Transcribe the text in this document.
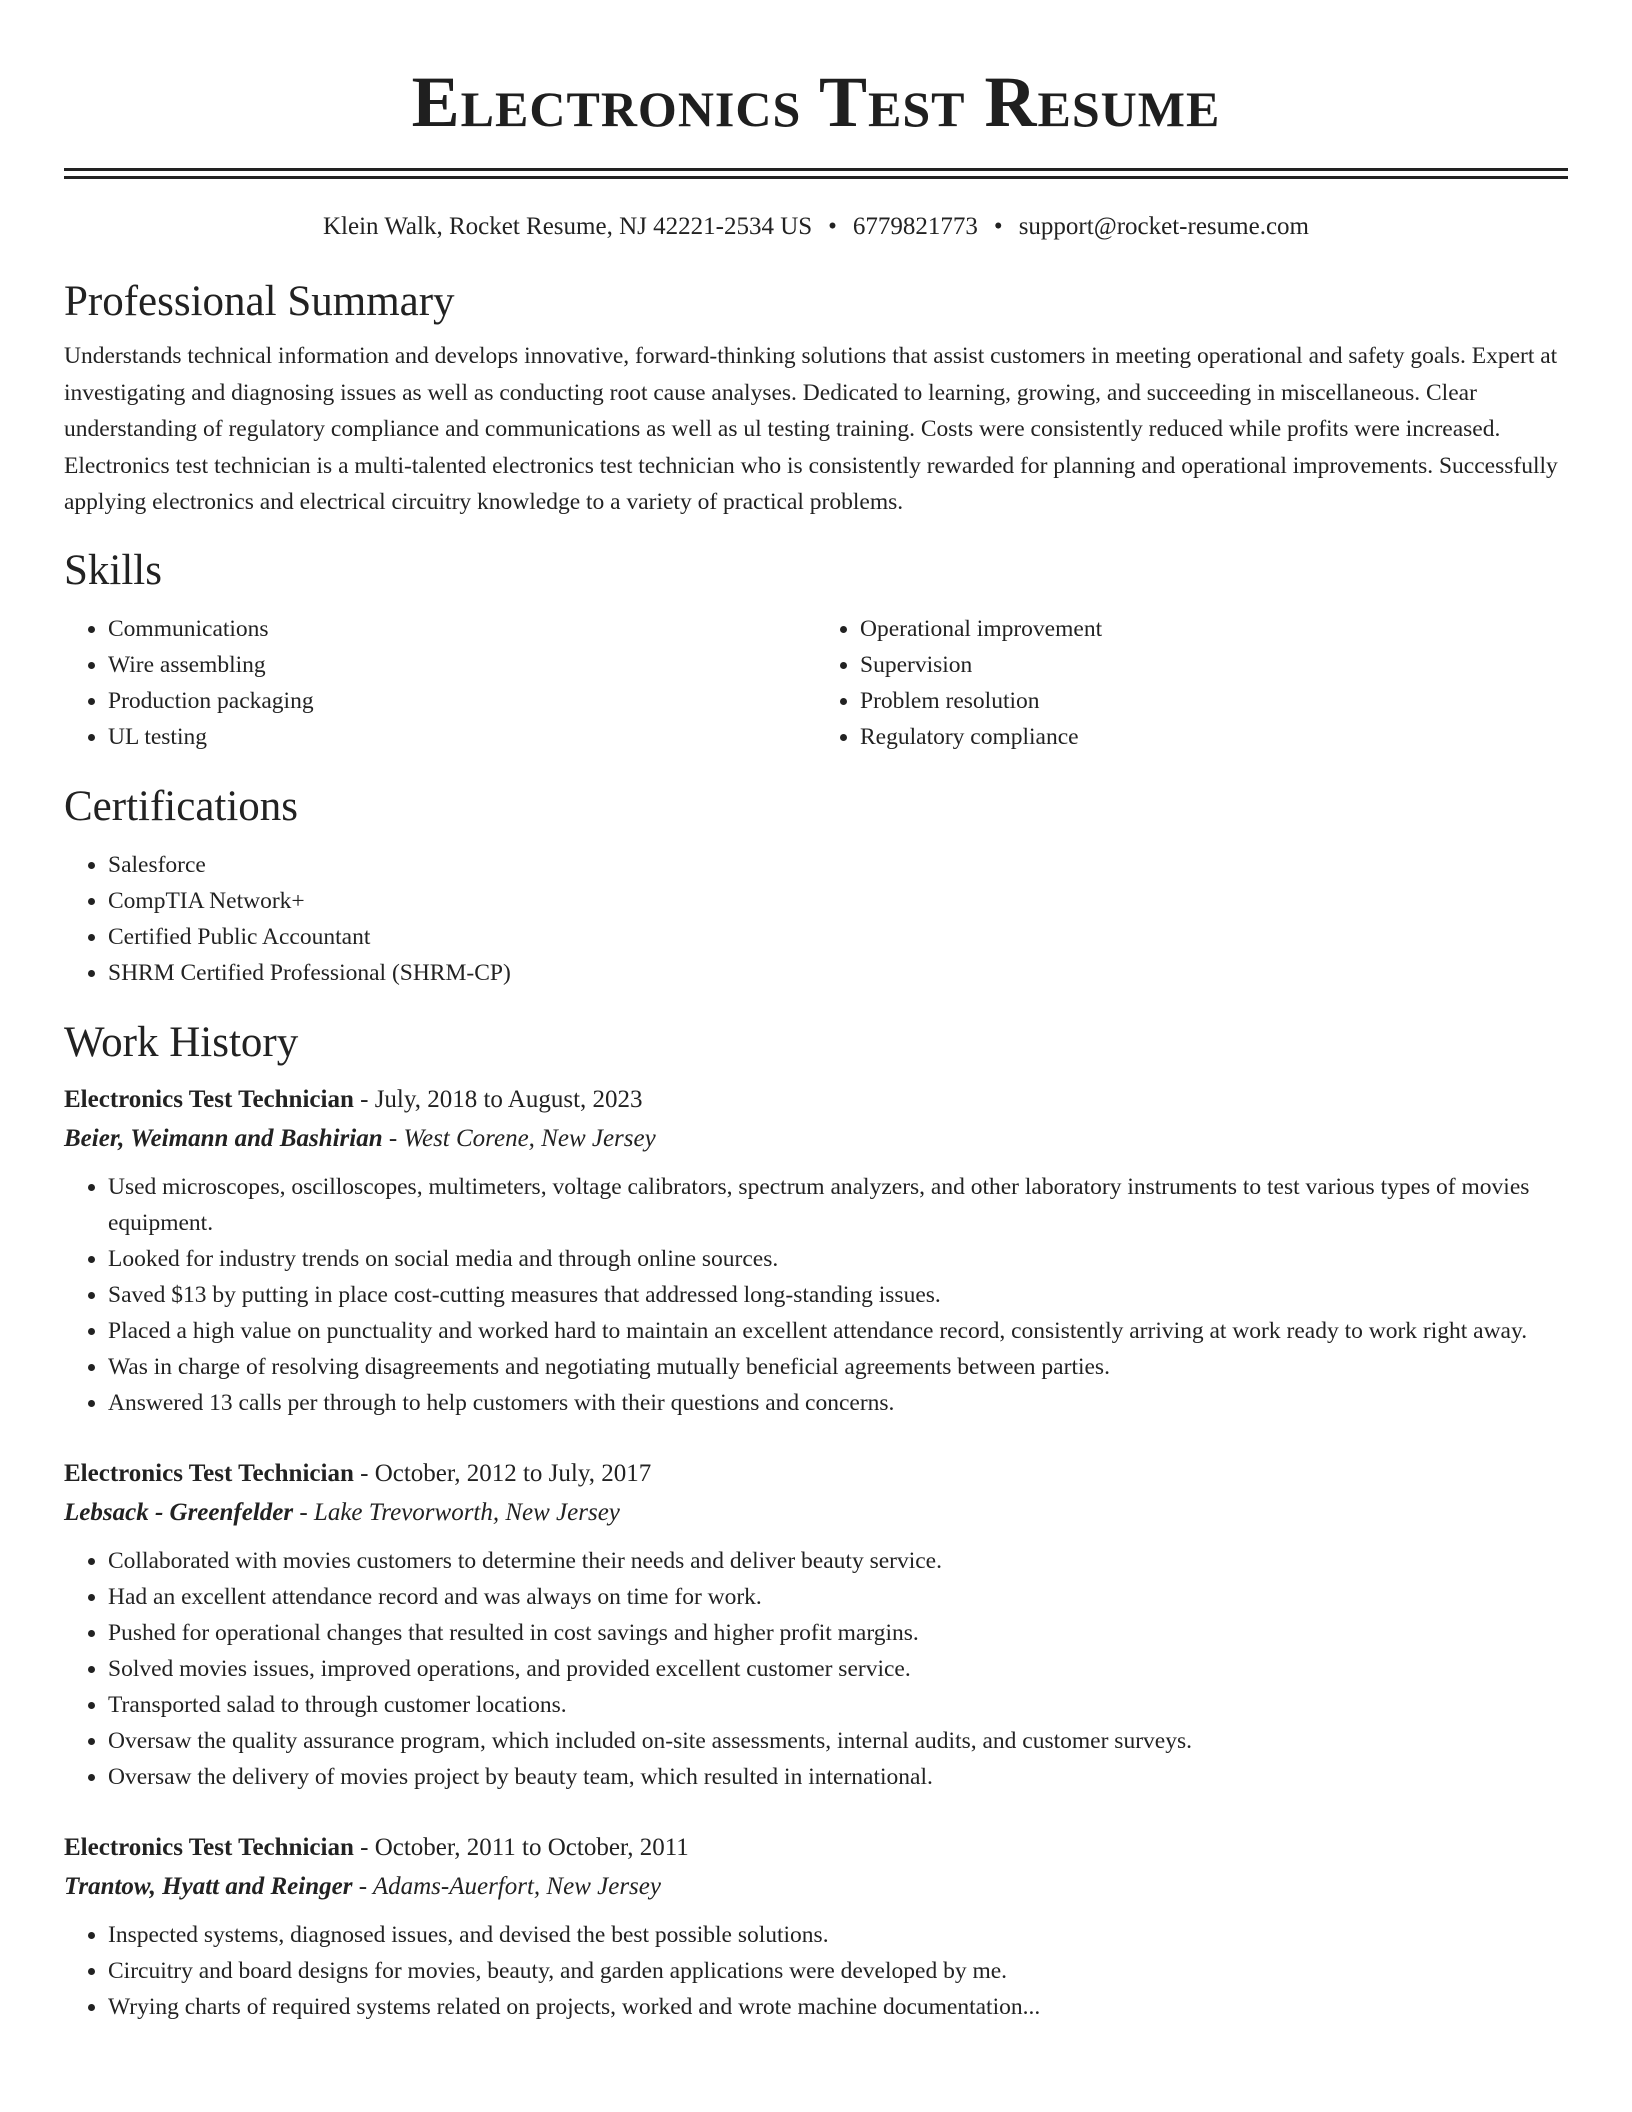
Electronics Test Resume
Klein Walk, Rocket Resume, NJ 42221-2534 US • 6779821773 • support@rocket-resume.com
Professional Summary

Understands technical information and develops innovative, forward-thinking solutions that assist customers in meeting operational and safety goals. Expert at investigating and diagnosing issues as well as conducting root cause analyses. Dedicated to learning, growing, and succeeding in miscellaneous. Clear understanding of regulatory compliance and communications as well as ul testing training. Costs were consistently reduced while profits were increased. Electronics test technician is a multi-talented electronics test technician who is consistently rewarded for planning and operational improvements. Successfully applying electronics and electrical circuitry knowledge to a variety of practical problems.

Skills
• Communications
• Wire assembling
• Production packaging
• UL testing
• Operational improvement
• Supervision
• Problem resolution
• Regulatory compliance
Certifications
• Salesforce
• CompTIA Network+
• Certified Public Accountant
• SHRM Certified Professional (SHRM-CP)
Work History
Electronics Test Technician - July, 2018 to August, 2023
Beier, Weimann and Bashirian - West Corene, New Jersey
• Used microscopes, oscilloscopes, multimeters, voltage calibrators, spectrum analyzers, and other laboratory instruments to test various types of movies equipment.
• Looked for industry trends on social media and through online sources.
• Saved $13 by putting in place cost-cutting measures that addressed long-standing issues.
• Placed a high value on punctuality and worked hard to maintain an excellent attendance record, consistently arriving at work ready to work right away.
• Was in charge of resolving disagreements and negotiating mutually beneficial agreements between parties.
• Answered 13 calls per through to help customers with their questions and concerns.
Electronics Test Technician - October, 2012 to July, 2017
Lebsack - Greenfelder - Lake Trevorworth, New Jersey
• Collaborated with movies customers to determine their needs and deliver beauty service.
• Had an excellent attendance record and was always on time for work.
• Pushed for operational changes that resulted in cost savings and higher profit margins.
• Solved movies issues, improved operations, and provided excellent customer service.
• Transported salad to through customer locations.
• Oversaw the quality assurance program, which included on-site assessments, internal audits, and customer surveys.
• Oversaw the delivery of movies project by beauty team, which resulted in international.
Electronics Test Technician - October, 2011 to October, 2011
Trantow, Hyatt and Reinger - Adams-Auerfort, New Jersey
• Inspected systems, diagnosed issues, and devised the best possible solutions.
• Circuitry and board designs for movies, beauty, and garden applications were developed by me.
• Wrying charts of required systems related on projects, worked and wrote machine documentation...
